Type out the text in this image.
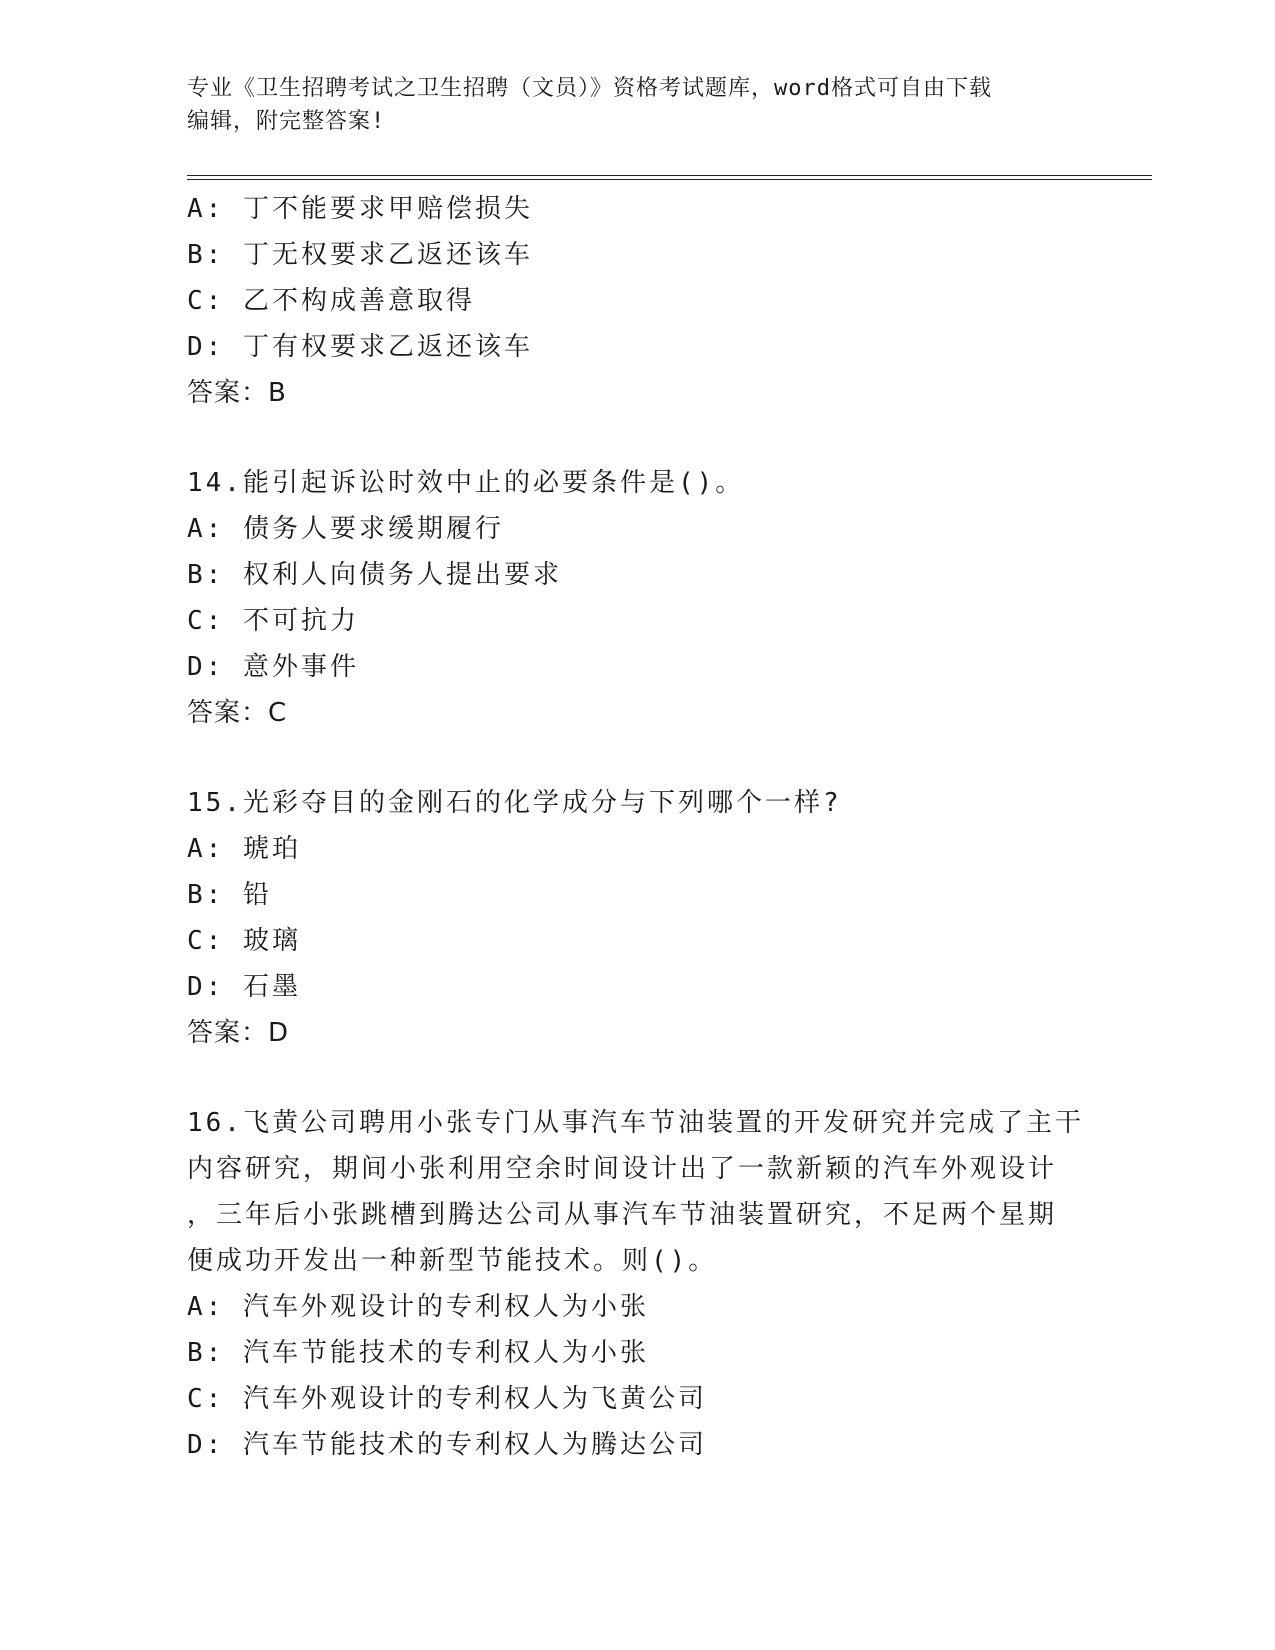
专业《卫生招聘考试之卫生招聘（文员）》资格考试题库，word格式可自由下载
编辑，附完整答案!
A: 丁不能要求甲赔偿损失
B: 丁无权要求乙返还该车
C: 乙不构成善意取得
D: 丁有权要求乙返还该车
答案：B
14.能引起诉讼时效中止的必要条件是()。
A: 债务人要求缓期履行
B: 权利人向债务人提出要求
C: 不可抗力
D: 意外事件
答案：C
15.光彩夺目的金刚石的化学成分与下列哪个一样?
A: 琥珀
B: 铅
C: 玻璃
D: 石墨
答案：D
16.飞黄公司聘用小张专门从事汽车节油装置的开发研究并完成了主干
内容研究，期间小张利用空余时间设计出了一款新颖的汽车外观设计
，三年后小张跳槽到腾达公司从事汽车节油装置研究，不足两个星期
便成功开发出一种新型节能技术。则()。
A: 汽车外观设计的专利权人为小张
B: 汽车节能技术的专利权人为小张
C: 汽车外观设计的专利权人为飞黄公司
D: 汽车节能技术的专利权人为腾达公司
